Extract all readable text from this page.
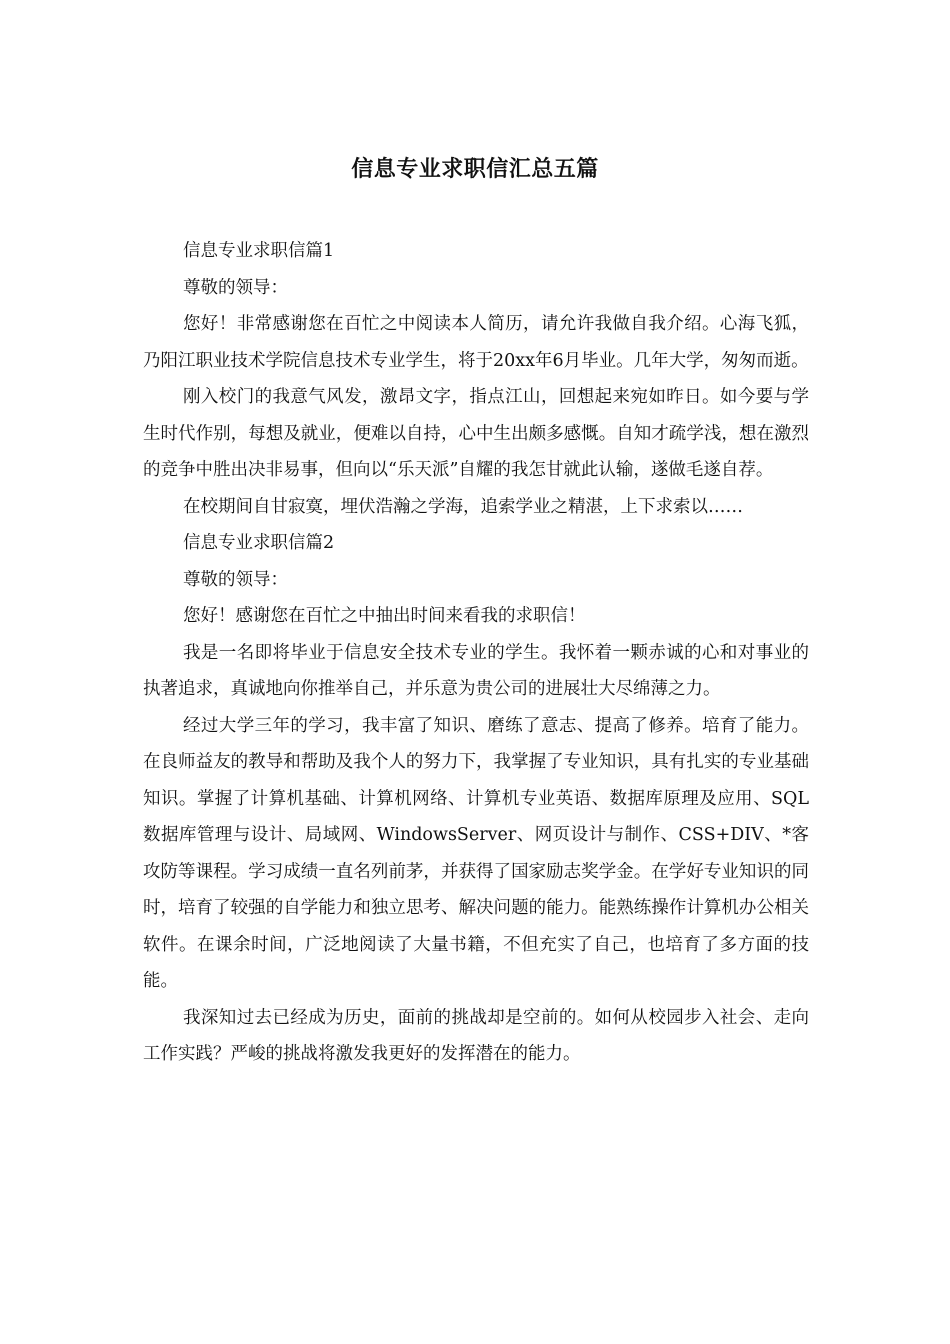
信息专业求职信汇总五篇

信息专业求职信篇1

尊敬的领导：

您好！非常感谢您在百忙之中阅读本人简历，请允许我做自我介绍。心海飞狐，乃阳江职业技术学院信息技术专业学生，将于20xx年6月毕业。几年大学，匆匆而逝。

刚入校门的我意气风发，激昂文字，指点江山，回想起来宛如昨日。如今要与学生时代作别，每想及就业，便难以自持，心中生出颇多感慨。自知才疏学浅，想在激烈的竞争中胜出决非易事，但向以“乐天派”自耀的我怎甘就此认输，遂做毛遂自荐。

在校期间自甘寂寞，埋伏浩瀚之学海，追索学业之精湛，上下求索以……

信息专业求职信篇2

尊敬的领导：

您好！感谢您在百忙之中抽出时间来看我的求职信！

我是一名即将毕业于信息安全技术专业的学生。我怀着一颗赤诚的心和对事业的执著追求，真诚地向你推举自己，并乐意为贵公司的进展壮大尽绵薄之力。

经过大学三年的学习，我丰富了知识、磨练了意志、提高了修养。培育了能力。在良师益友的教导和帮助及我个人的努力下，我掌握了专业知识，具有扎实的专业基础知识。掌握了计算机基础、计算机网络、计算机专业英语、数据库原理及应用、SQL数据库管理与设计、局域网、WindowsServer、网页设计与制作、CSS+DIV、*客攻防等课程。学习成绩一直名列前茅，并获得了国家励志奖学金。在学好专业知识的同时，培育了较强的自学能力和独立思考、解决问题的能力。能熟练操作计算机办公相关软件。在课余时间，广泛地阅读了大量书籍，不但充实了自己，也培育了多方面的技能。

我深知过去已经成为历史，面前的挑战却是空前的。如何从校园步入社会、走向工作实践？严峻的挑战将激发我更好的发挥潜在的能力。
